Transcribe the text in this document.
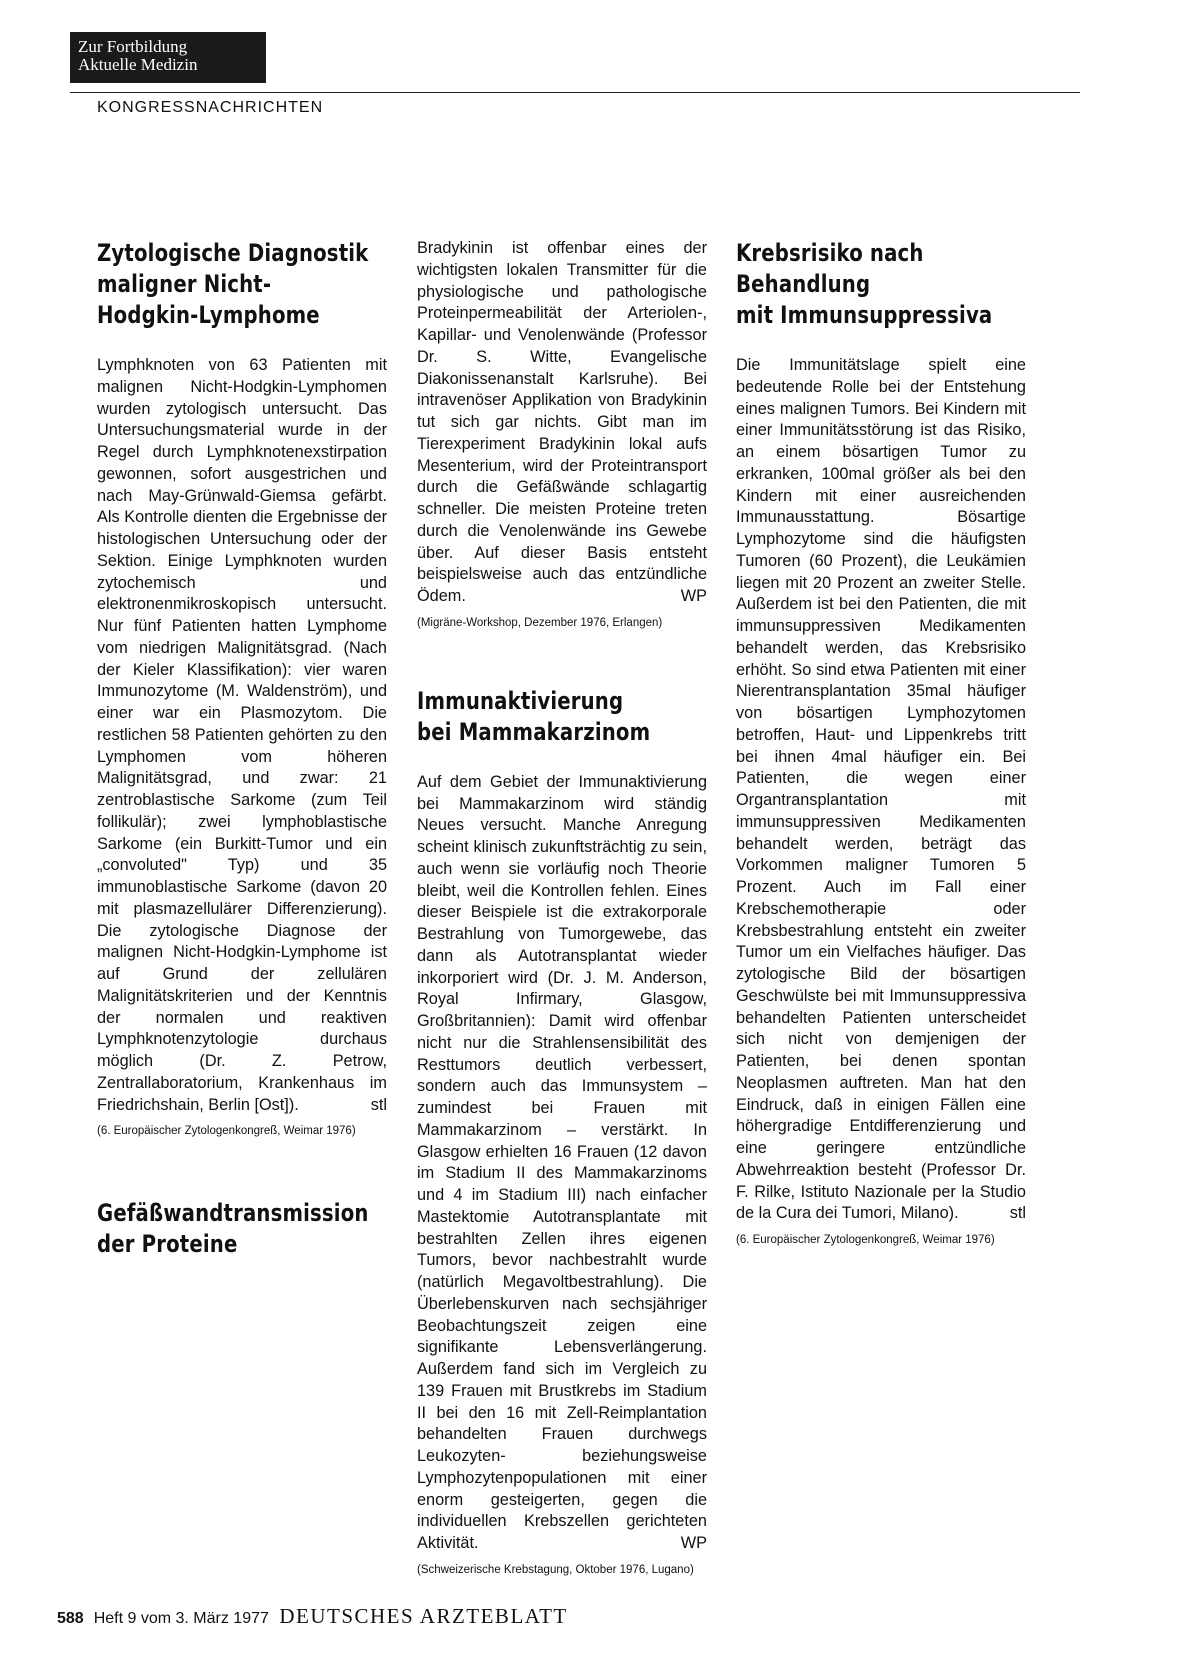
Zur Fortbildung
Aktuelle Medizin
KONGRESSNACHRICHTEN
Zytologische Diagnostik
maligner Nicht-
Hodgkin-Lymphome

Lymphknoten von 63 Patienten mit malignen Nicht-Hodgkin-Lymphomen wurden zytologisch untersucht. Das Untersuchungsmaterial wurde in der Regel durch Lymphknotenexstirpation gewonnen, sofort ausgestrichen und nach May-Grünwald-Giemsa gefärbt. Als Kontrolle dienten die Ergebnisse der histologischen Untersuchung oder der Sektion. Einige Lymphknoten wurden zytochemisch und elektronenmikroskopisch untersucht. Nur fünf Patienten hatten Lymphome vom niedrigen Malignitätsgrad. (Nach der Kieler Klassifikation): vier waren Immunozytome (M. Waldenström), und einer war ein Plasmozytom. Die restlichen 58 Patienten gehörten zu den Lymphomen vom höheren Malignitätsgrad, und zwar: 21 zentroblastische Sarkome (zum Teil follikulär); zwei lymphoblastische Sarkome (ein Burkitt-Tumor und ein „convoluted" Typ) und 35 immunoblastische Sarkome (davon 20 mit plasmazellulärer Differenzierung). Die zytologische Diagnose der malignen Nicht-Hodgkin-Lymphome ist auf Grund der zellulären Malignitätskriterien und der Kenntnis der normalen und reaktiven Lymphknotenzytologie durchaus möglich (Dr. Z. Petrow, Zentrallaboratorium, Krankenhaus im Friedrichshain, Berlin [Ost]).	stl

(6. Europäischer Zytologenkongreß, Weimar 1976)

Gefäßwandtransmission
der Proteine

Bradykinin ist offenbar eines der wichtigsten lokalen Transmitter für die physiologische und pathologische Proteinpermeabilität der Arteriolen-, Kapillar- und Venolenwände (Professor Dr. S. Witte, Evangelische Diakonissenanstalt Karlsruhe). Bei intravenöser Applikation von Bradykinin tut sich gar nichts. Gibt man im Tierexperiment Bradykinin lokal aufs Mesenterium, wird der Proteintransport durch die Gefäßwände schlagartig schneller. Die meisten Proteine treten durch die Venolenwände ins Gewebe über. Auf dieser Basis entsteht beispielsweise auch das entzündliche Ödem.	WP

(Migräne-Workshop, Dezember 1976, Erlangen)

Immunaktivierung
bei Mammakarzinom

Auf dem Gebiet der Immunaktivierung bei Mammakarzinom wird ständig Neues versucht. Manche Anregung scheint klinisch zukunftsträchtig zu sein, auch wenn sie vorläufig noch Theorie bleibt, weil die Kontrollen fehlen. Eines dieser Beispiele ist die extrakorporale Bestrahlung von Tumorgewebe, das dann als Autotransplantat wieder inkorporiert wird (Dr. J. M. Anderson, Royal Infirmary, Glasgow, Großbritannien): Damit wird offenbar nicht nur die Strahlensensibilität des Resttumors deutlich verbessert, sondern auch das Immunsystem – zumindest bei Frauen mit Mammakarzinom – verstärkt. In Glasgow erhielten 16 Frauen (12 davon im Stadium II des Mammakarzinoms und 4 im Stadium III) nach einfacher Mastektomie Autotransplantate mit bestrahlten Zellen ihres eigenen Tumors, bevor nachbestrahlt wurde (natürlich Megavoltbestrahlung). Die Überlebenskurven nach sechsjähriger Beobachtungszeit zeigen eine signifikante Lebensverlängerung. Außerdem fand sich im Vergleich zu 139 Frauen mit Brustkrebs im Stadium II bei den 16 mit Zell-Reimplantation behandelten Frauen durchwegs Leukozyten- beziehungsweise Lymphozytenpopulationen mit einer enorm gesteigerten, gegen die individuellen Krebszellen gerichteten Aktivität.	WP

(Schweizerische Krebstagung, Oktober 1976, Lugano)

Krebsrisiko nach
Behandlung
mit Immunsuppressiva

Die Immunitätslage spielt eine bedeutende Rolle bei der Entstehung eines malignen Tumors. Bei Kindern mit einer Immunitätsstörung ist das Risiko, an einem bösartigen Tumor zu erkranken, 100mal größer als bei den Kindern mit einer ausreichenden Immunausstattung. Bösartige Lymphozytome sind die häufigsten Tumoren (60 Prozent), die Leukämien liegen mit 20 Prozent an zweiter Stelle. Außerdem ist bei den Patienten, die mit immunsuppressiven Medikamenten behandelt werden, das Krebsrisiko erhöht. So sind etwa Patienten mit einer Nierentransplantation 35mal häufiger von bösartigen Lymphozytomen betroffen, Haut- und Lippenkrebs tritt bei ihnen 4mal häufiger ein. Bei Patienten, die wegen einer Organtransplantation mit immunsuppressiven Medikamenten behandelt werden, beträgt das Vorkommen maligner Tumoren 5 Prozent. Auch im Fall einer Krebschemotherapie oder Krebsbestrahlung entsteht ein zweiter Tumor um ein Vielfaches häufiger. Das zytologische Bild der bösartigen Geschwülste bei mit Immunsuppressiva behandelten Patienten unterscheidet sich nicht von demjenigen der Patienten, bei denen spontan Neoplasmen auftreten. Man hat den Eindruck, daß in einigen Fällen eine höhergradige Entdifferenzierung und eine geringere entzündliche Abwehrreaktion besteht (Professor Dr. F. Rilke, Istituto Nazionale per la Studio de la Cura dei Tumori, Milano).	stl

(6. Europäischer Zytologenkongreß, Weimar 1976)

588 Heft 9 vom 3. März 1977 DEUTSCHES ARZTEBLATT
